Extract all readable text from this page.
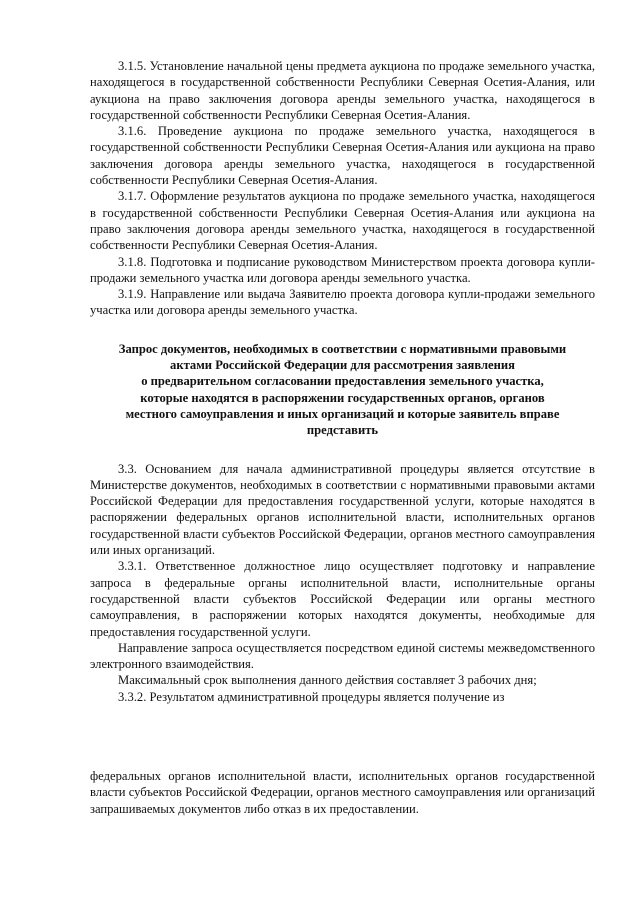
3.1.5. Установление начальной цены предмета аукциона по продаже земельного участка, находящегося в государственной собственности Республики Северная Осетия-Алания, или аукциона на право заключения договора аренды земельного участка, находящегося в государственной собственности Республики Северная Осетия-Алания.

3.1.6. Проведение аукциона по продаже земельного участка, находящегося в государственной собственности Республики Северная Осетия-Алания или аукциона на право заключения договора аренды земельного участка, находящегося в государственной собственности Республики Северная Осетия-Алания.

3.1.7. Оформление результатов аукциона по продаже земельного участка, находящегося в государственной собственности Республики Северная Осетия-Алания или аукциона на право заключения договора аренды земельного участка, находящегося в государственной собственности Республики Северная Осетия-Алания.

3.1.8. Подготовка и подписание руководством Министерством проекта договора купли-продажи земельного участка или договора аренды земельного участка.

3.1.9. Направление или выдача Заявителю проекта договора купли-продажи земельного участка или договора аренды земельного участка.

Запрос документов, необходимых в соответствии с нормативными правовыми
актами Российской Федерации для рассмотрения заявления
о предварительном согласовании предоставления земельного участка,
которые находятся в распоряжении государственных органов, органов
местного самоуправления и иных организаций и которые заявитель вправе
представить

3.3. Основанием для начала административной процедуры является отсутствие в Министерстве документов, необходимых в соответствии с нормативными правовыми актами Российской Федерации для предоставления государственной услуги, которые находятся в распоряжении федеральных органов исполнительной власти, исполнительных органов государственной власти субъектов Российской Федерации, органов местного самоуправления или иных организаций.

3.3.1. Ответственное должностное лицо осуществляет подготовку и направление запроса в федеральные органы исполнительной власти, исполнительные органы государственной власти субъектов Российской Федерации или органы местного самоуправления, в распоряжении которых находятся документы, необходимые для предоставления государственной услуги.

Направление запроса осуществляется посредством единой системы межведомственного электронного взаимодействия.

Максимальный срок выполнения данного действия составляет 3 рабочих дня;

3.3.2. Результатом административной процедуры является получение из

федеральных органов исполнительной власти, исполнительных органов государственной власти субъектов Российской Федерации, органов местного самоуправления или организаций запрашиваемых документов либо отказ в их предоставлении.
